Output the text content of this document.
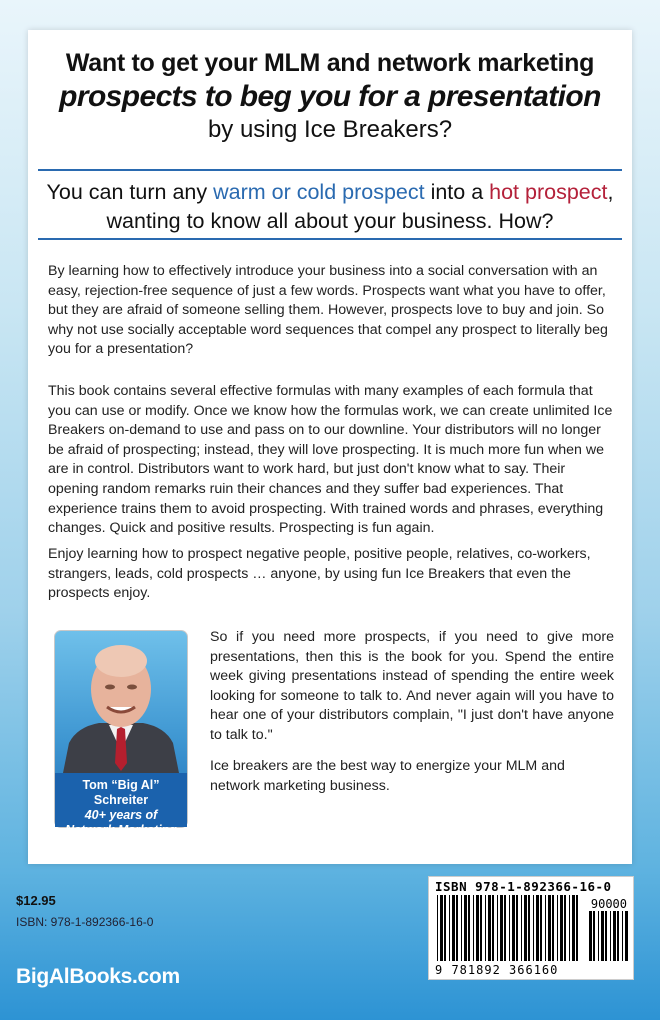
Want to get your MLM and network marketing
prospects to beg you for a presentation
by using Ice Breakers?
You can turn any warm or cold prospect into a hot prospect,
wanting to know all about your business. How?

By learning how to effectively introduce your business into a social conversation with an easy, rejection-free sequence of just a few words. Prospects want what you have to offer, but they are afraid of someone selling them. However, prospects love to buy and join. So why not use socially acceptable word sequences that compel any prospect to literally beg you for a presentation?

This book contains several effective formulas with many examples of each formula that you can use or modify. Once we know how the formulas work, we can create unlimited Ice Breakers on-demand to use and pass on to our downline. Your distributors will no longer be afraid of prospecting; instead, they will love prospecting. It is much more fun when we are in control. Distributors want to work hard, but just don't know what to say. Their opening random remarks ruin their chances and they suffer bad experiences. That experience trains them to avoid prospecting. With trained words and phrases, everything changes. Quick and positive results. Prospecting is fun again.

Enjoy learning how to prospect negative people, positive people, relatives, co-workers, strangers, leads, cold prospects … anyone, by using fun Ice Breakers that even the prospects enjoy.

Tom “Big Al” Schreiter
40+ years of
Network Marketing

So if you need more prospects, if you need to give more presentations, then this is the book for you. Spend the entire week giving presentations instead of spending the entire week looking for someone to talk to. And never again will you have to hear one of your distributors complain, "I just don't have anyone to talk to."

Ice breakers are the best way to energize your MLM and network marketing business.

$12.95
ISBN: 978-1-892366-16-0
BigAlBooks.com
ISBN 978-1-892366-16-0
90000
9 781892 366160
